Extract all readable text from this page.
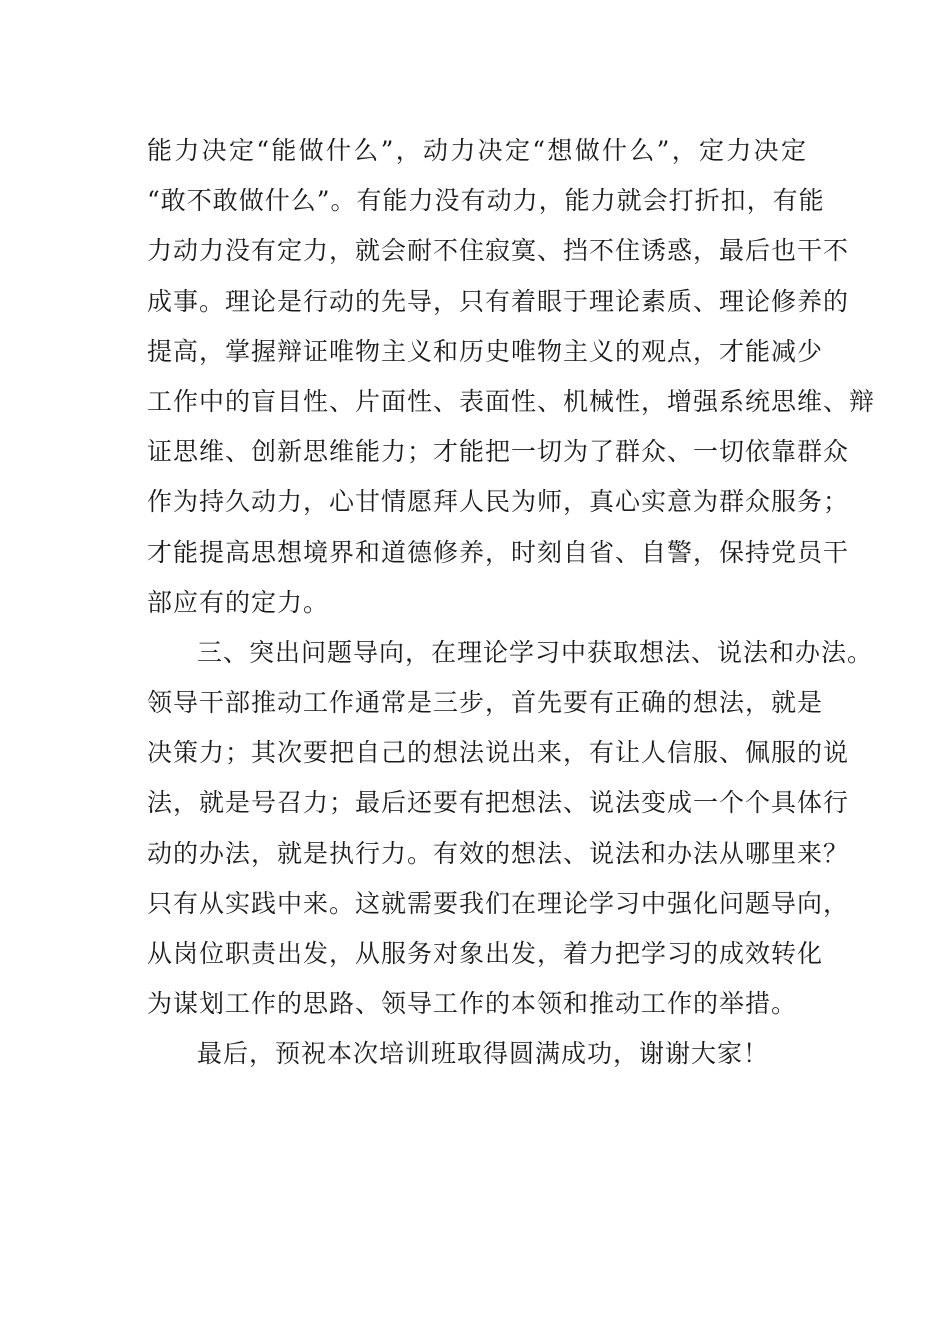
能力决定“能做什么”，动力决定“想做什么”，定力决定
“敢不敢做什么”。有能力没有动力，能力就会打折扣，有能
力动力没有定力，就会耐不住寂寞、挡不住诱惑，最后也干不
成事。理论是行动的先导，只有着眼于理论素质、理论修养的
提高，掌握辩证唯物主义和历史唯物主义的观点，才能减少
工作中的盲目性、片面性、表面性、机械性，增强系统思维、辩
证思维、创新思维能力；才能把一切为了群众、一切依靠群众
作为持久动力，心甘情愿拜人民为师，真心实意为群众服务；
才能提高思想境界和道德修养，时刻自省、自警，保持党员干
部应有的定力。
三、突出问题导向，在理论学习中获取想法、说法和办法。
领导干部推动工作通常是三步，首先要有正确的想法，就是
决策力；其次要把自己的想法说出来，有让人信服、佩服的说
法，就是号召力；最后还要有把想法、说法变成一个个具体行
动的办法，就是执行力。有效的想法、说法和办法从哪里来？
只有从实践中来。这就需要我们在理论学习中强化问题导向，
从岗位职责出发，从服务对象出发，着力把学习的成效转化
为谋划工作的思路、领导工作的本领和推动工作的举措。
最后，预祝本次培训班取得圆满成功，谢谢大家！
